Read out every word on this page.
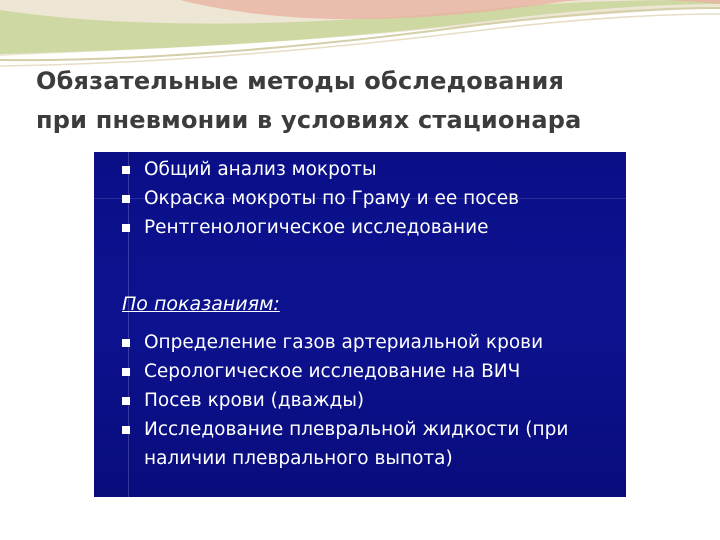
Обязательные методы обследования
при пневмонии в условиях стационара
Общий анализ мокроты
Окраска мокроты по Граму и ее посев
Рентгенологическое исследование
По показаниям:
Определение газов артериальной крови
Серологическое исследование на ВИЧ
Посев крови (дважды)
Исследование плевральной жидкости (при
наличии плеврального выпота)
